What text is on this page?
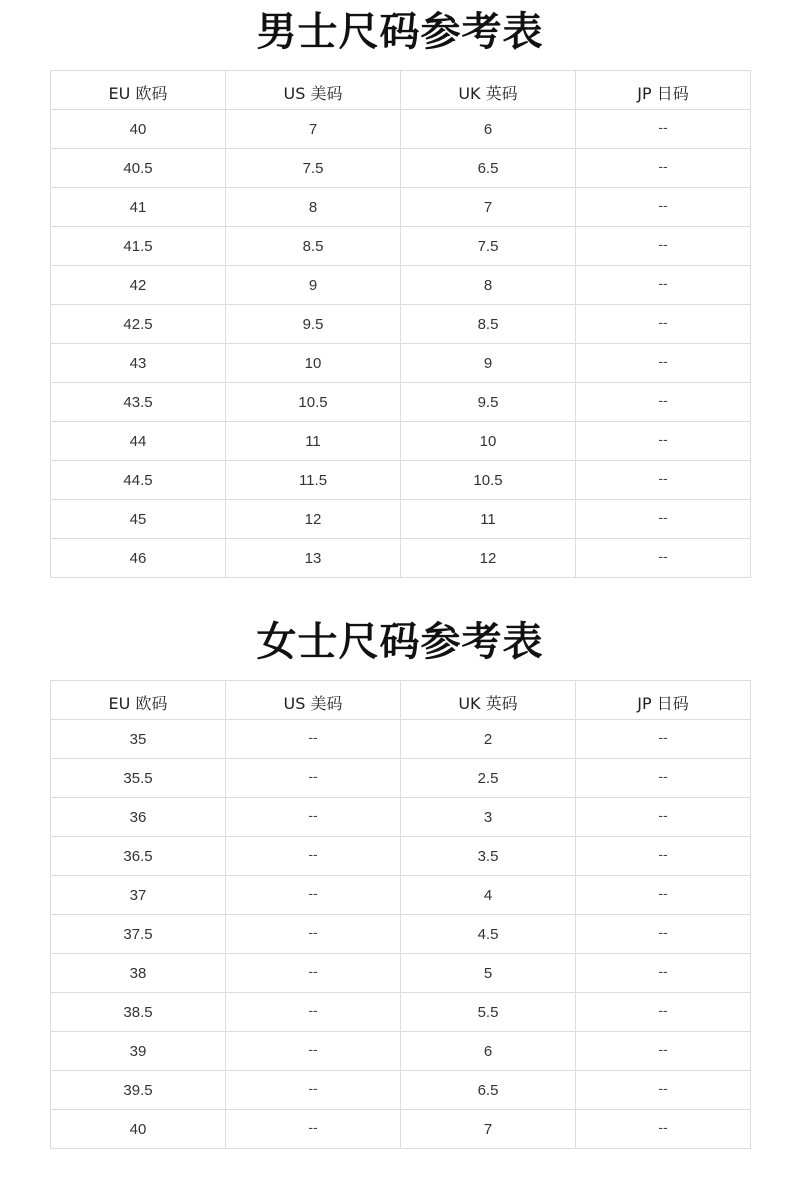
男士尺码参考表
EU 欧码	US 美码	UK 英码	JP 日码
40	7	6	--
40.5	7.5	6.5	--
41	8	7	--
41.5	8.5	7.5	--
42	9	8	--
42.5	9.5	8.5	--
43	10	9	--
43.5	10.5	9.5	--
44	11	10	--
44.5	11.5	10.5	--
45	12	11	--
46	13	12	--
女士尺码参考表
EU 欧码	US 美码	UK 英码	JP 日码
35	--	2	--
35.5	--	2.5	--
36	--	3	--
36.5	--	3.5	--
37	--	4	--
37.5	--	4.5	--
38	--	5	--
38.5	--	5.5	--
39	--	6	--
39.5	--	6.5	--
40	--	7	--
